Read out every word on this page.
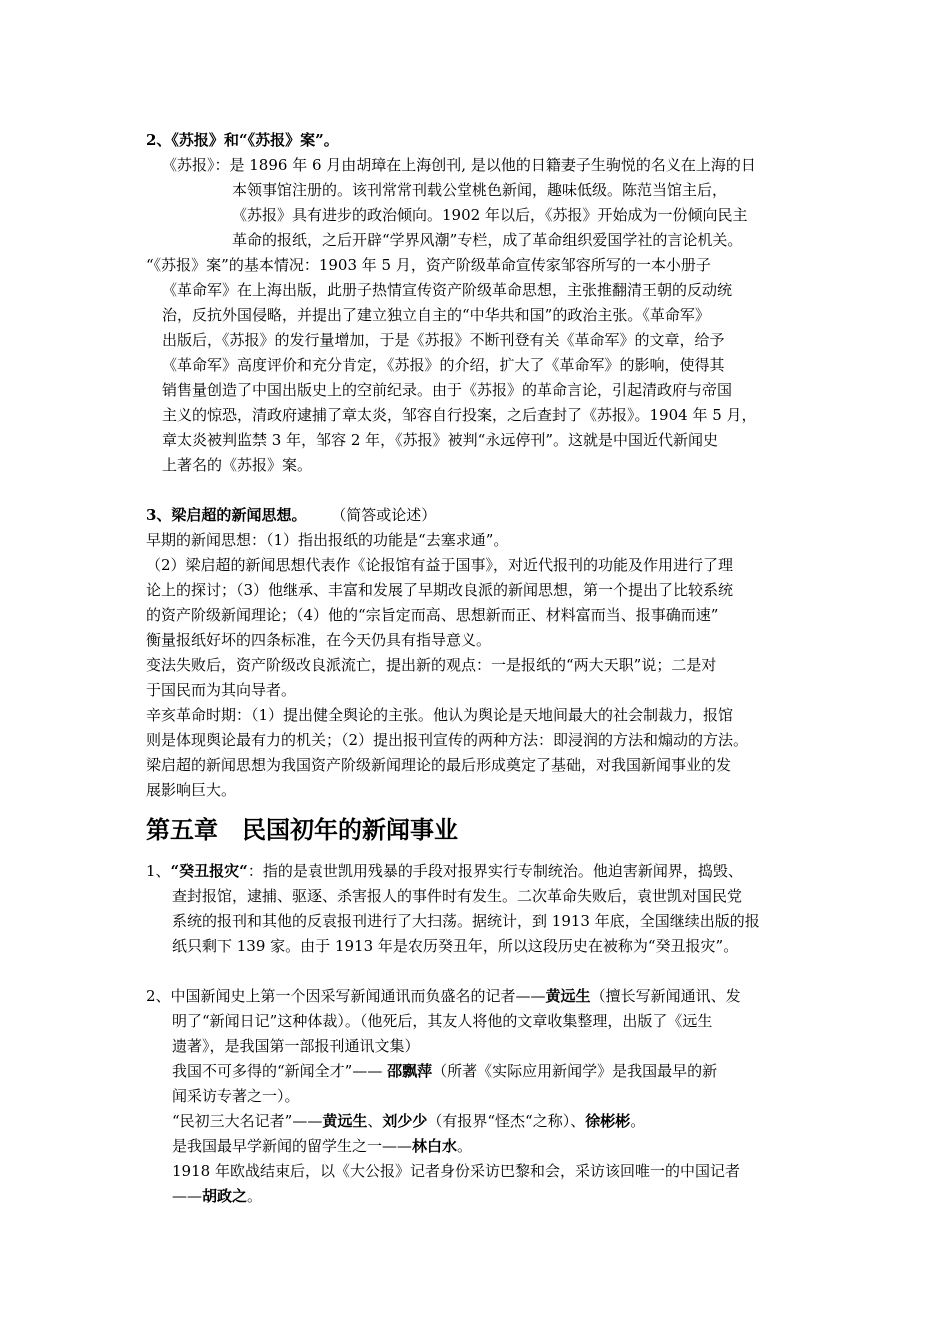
2、《苏报》和“《苏报》案”。
《苏报》：是 1896 年 6 月由胡璋在上海创刊, 是以他的日籍妻子生驹悦的名义在上海的日
本领事馆注册的。该刊常常刊载公堂桃色新闻，趣味低级。陈范当馆主后，
《苏报》具有进步的政治倾向。1902 年以后，《苏报》开始成为一份倾向民主
革命的报纸，之后开辟“学界风潮”专栏，成了革命组织爱国学社的言论机关。
“《苏报》案”的基本情况：1903 年 5 月，资产阶级革命宣传家邹容所写的一本小册子
《革命军》在上海出版，此册子热情宣传资产阶级革命思想，主张推翻清王朝的反动统
治，反抗外国侵略，并提出了建立独立自主的“中华共和国”的政治主张。《革命军》
出版后，《苏报》的发行量增加，于是《苏报》不断刊登有关《革命军》的文章，给予
《革命军》高度评价和充分肯定，《苏报》的介绍，扩大了《革命军》的影响，使得其
销售量创造了中国出版史上的空前纪录。由于《苏报》的革命言论，引起清政府与帝国
主义的惊恐，清政府逮捕了章太炎，邹容自行投案，之后查封了《苏报》。1904 年 5 月，
章太炎被判监禁 3 年，邹容 2 年，《苏报》被判“永远停刊”。这就是中国近代新闻史
上著名的《苏报》案。
3、梁启超的新闻思想。 （简答或论述）
早期的新闻思想：（1）指出报纸的功能是“去塞求通”。
（2）梁启超的新闻思想代表作《论报馆有益于国事》，对近代报刊的功能及作用进行了理
论上的探讨；（3）他继承、丰富和发展了早期改良派的新闻思想，第一个提出了比较系统
的资产阶级新闻理论；（4）他的“宗旨定而高、思想新而正、材料富而当、报事确而速”
衡量报纸好坏的四条标准，在今天仍具有指导意义。
变法失败后，资产阶级改良派流亡，提出新的观点：一是报纸的“两大天职”说；二是对
于国民而为其向导者。
辛亥革命时期：（1）提出健全舆论的主张。他认为舆论是天地间最大的社会制裁力，报馆
则是体现舆论最有力的机关；（2）提出报刊宣传的两种方法：即浸润的方法和煽动的方法。
梁启超的新闻思想为我国资产阶级新闻理论的最后形成奠定了基础，对我国新闻事业的发
展影响巨大。
第五章　民国初年的新闻事业
1、“癸丑报灾“：指的是袁世凯用残暴的手段对报界实行专制统治。他迫害新闻界，捣毁、
查封报馆，逮捕、驱逐、杀害报人的事件时有发生。二次革命失败后，袁世凯对国民党
系统的报刊和其他的反袁报刊进行了大扫荡。据统计，到 1913 年底，全国继续出版的报
纸只剩下 139 家。由于 1913 年是农历癸丑年，所以这段历史在被称为“癸丑报灾”。
2、中国新闻史上第一个因采写新闻通讯而负盛名的记者——黄远生（擅长写新闻通讯、发
明了“新闻日记”这种体裁）。（他死后，其友人将他的文章收集整理，出版了《远生
遗著》，是我国第一部报刊通讯文集）
我国不可多得的“新闻全才”—— 邵飘萍（所著《实际应用新闻学》是我国最早的新
闻采访专著之一）。
“民初三大名记者”——黄远生、刘少少（有报界“怪杰“之称）、徐彬彬。
是我国最早学新闻的留学生之一——林白水。
1918 年欧战结束后，以《大公报》记者身份采访巴黎和会，采访该回唯一的中国记者
——胡政之。
